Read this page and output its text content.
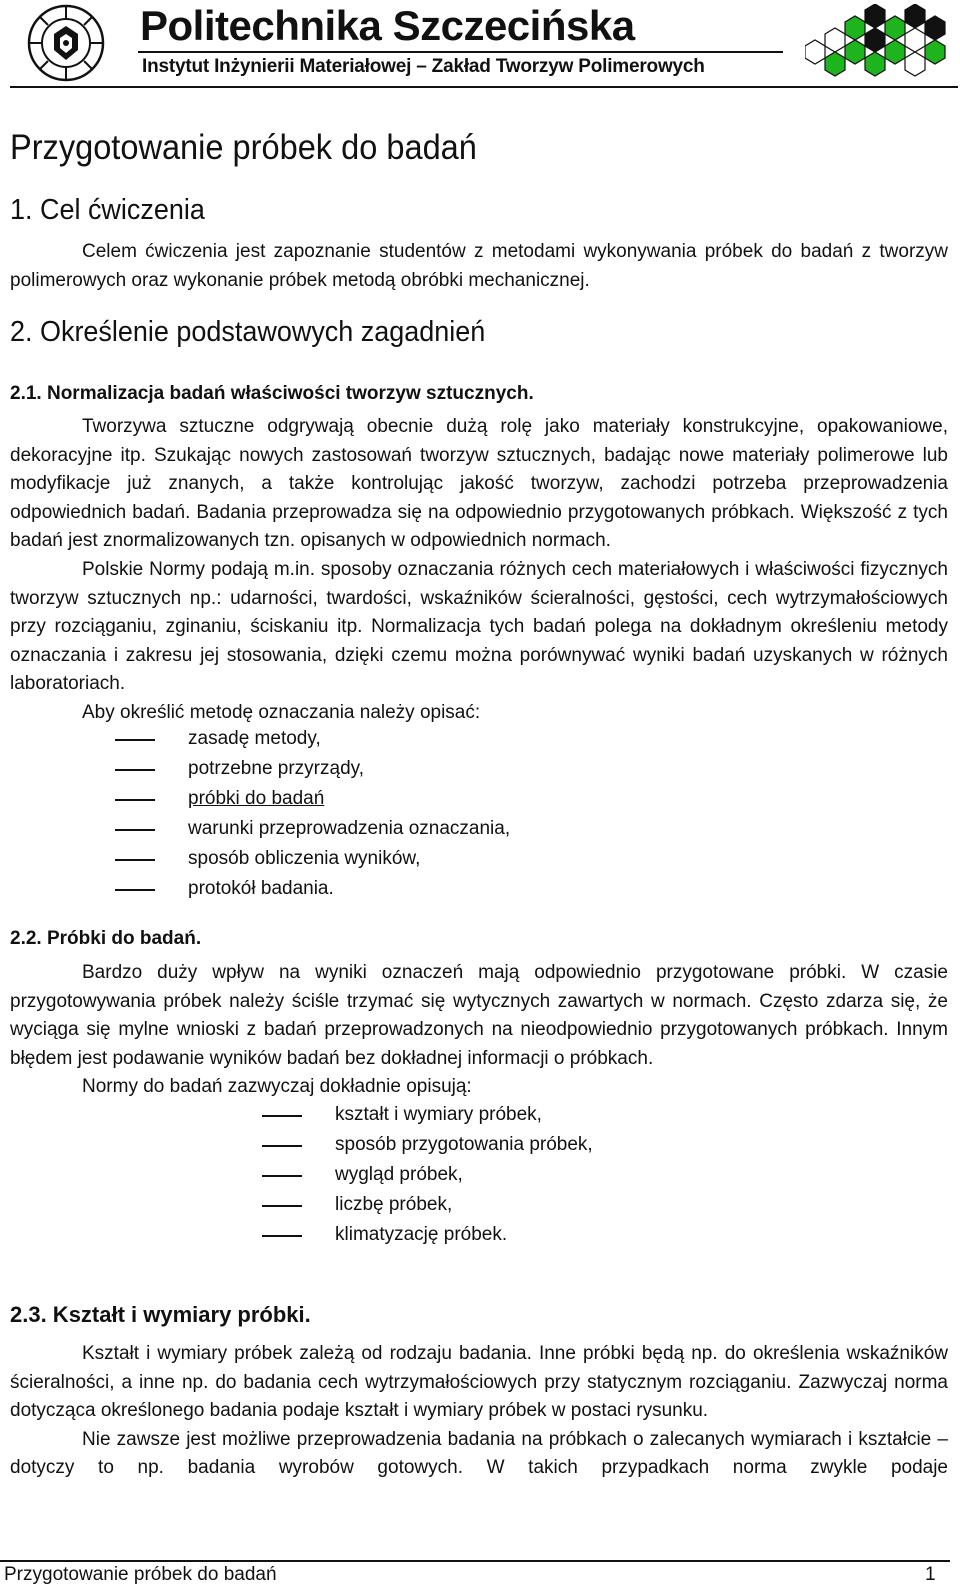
Politechnika Szczecińska
Instytut Inżynierii Materiałowej – Zakład Tworzyw Polimerowych
Przygotowanie próbek do badań
1. Cel ćwiczenia

Celem ćwiczenia jest zapoznanie studentów z metodami wykonywania próbek do badań z tworzyw polimerowych oraz wykonanie próbek metodą obróbki mechanicznej.

2. Określenie podstawowych zagadnień
2.1. Normalizacja badań właściwości tworzyw sztucznych.

Tworzywa sztuczne odgrywają obecnie dużą rolę jako materiały konstrukcyjne, opakowaniowe, dekoracyjne itp. Szukając nowych zastosowań tworzyw sztucznych, badając nowe materiały polimerowe lub modyfikacje już znanych, a także kontrolując jakość tworzyw, zachodzi potrzeba przeprowadzenia odpowiednich badań. Badania przeprowadza się na odpowiednio przygotowanych próbkach. Większość z tych badań jest znormalizowanych tzn. opisanych w odpowiednich normach.

Polskie Normy podają m.in. sposoby oznaczania różnych cech materiałowych i właściwości fizycznych tworzyw sztucznych np.: udarności, twardości, wskaźników ścieralności, gęstości, cech wytrzymałościowych przy rozciąganiu, zginaniu, ściskaniu itp. Normalizacja tych badań polega na dokładnym określeniu metody oznaczania i zakresu jej stosowania, dzięki czemu można porównywać wyniki badań uzyskanych w różnych laboratoriach.

Aby określić metodę oznaczania należy opisać:

zasadę metody,
potrzebne przyrządy,
próbki do badań
warunki przeprowadzenia oznaczania,
sposób obliczenia wyników,
protokół badania.
2.2. Próbki do badań.

Bardzo duży wpływ na wyniki oznaczeń mają odpowiednio przygotowane próbki. W czasie przygotowywania próbek należy ściśle trzymać się wytycznych zawartych w normach. Często zdarza się, że wyciąga się mylne wnioski z badań przeprowadzonych na nieodpowiednio przygotowanych próbkach. Innym błędem jest podawanie wyników badań bez dokładnej informacji o próbkach.

Normy do badań zazwyczaj dokładnie opisują:

kształt i wymiary próbek,
sposób przygotowania próbek,
wygląd próbek,
liczbę próbek,
klimatyzację próbek.
2.3. Kształt i wymiary próbki.

Kształt i wymiary próbek zależą od rodzaju badania. Inne próbki będą np. do określenia wskaźników ścieralności, a inne np. do badania cech wytrzymałościowych przy statycznym rozciąganiu. Zazwyczaj norma dotycząca określonego badania podaje kształt i wymiary próbek w postaci rysunku.

Nie zawsze jest możliwe przeprowadzenia badania na próbkach o zalecanych wymiarach i kształcie – dotyczy to np. badania wyrobów gotowych. W takich przypadkach norma zwykle podaje

Przygotowanie próbek do badań	1
